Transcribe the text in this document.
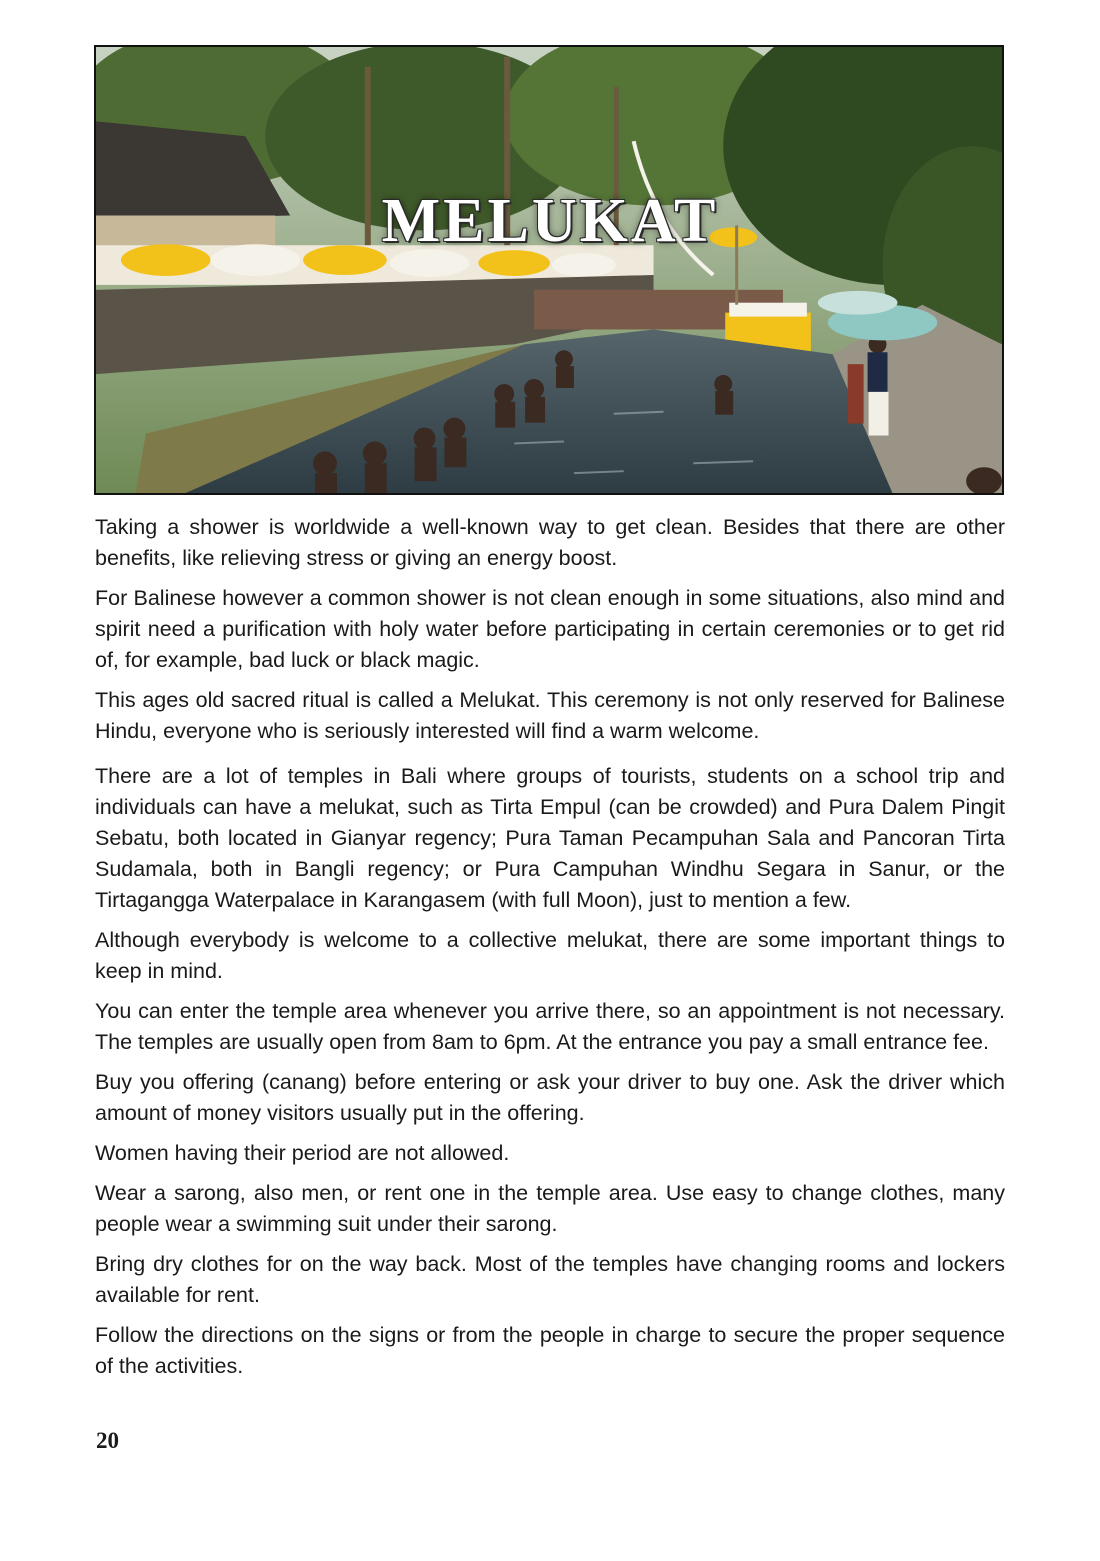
MELUKAT

Taking a shower is worldwide a well-known way to get clean. Besides that there are other benefits, like relieving stress or giving an energy boost.

For Balinese however a common shower is not clean enough in some situations, also mind and spirit need a purification with holy water before participating in certain ceremonies or to get rid of, for example, bad luck or black magic.

This ages old sacred ritual is called a Melukat. This ceremony is not only reserved for Balinese Hindu, everyone who is seriously interested will find a warm welcome.

There are a lot of temples in Bali where groups of tourists, students on a school trip and individuals can have a melukat, such as Tirta Empul (can be crowded) and Pura Dalem Pingit Sebatu, both located in Gianyar regency; Pura Taman Pecampuhan Sala and Pancoran Tirta Sudamala, both in Bangli regency; or Pura Campuhan Windhu Segara in Sanur, or the Tirtagangga Waterpalace in Karangasem (with full Moon), just to mention a few.

Although everybody is welcome to a collective melukat, there are some important things to keep in mind.

You can enter the temple area whenever you arrive there, so an appointment is not necessary. The temples are usually open from 8am to 6pm. At the entrance you pay a small entrance fee.

Buy you offering (canang) before entering or ask your driver to buy one. Ask the driver which amount of money visitors usually put in the offering.

Women having their period are not allowed.

Wear a sarong, also men, or rent one in the temple area. Use easy to change clothes, many people wear a swimming suit under their sarong.

Bring dry clothes for on the way back. Most of the temples have changing rooms and lockers available for rent.

Follow the directions on the signs or from the people in charge to secure the proper sequence of the activities.

20
